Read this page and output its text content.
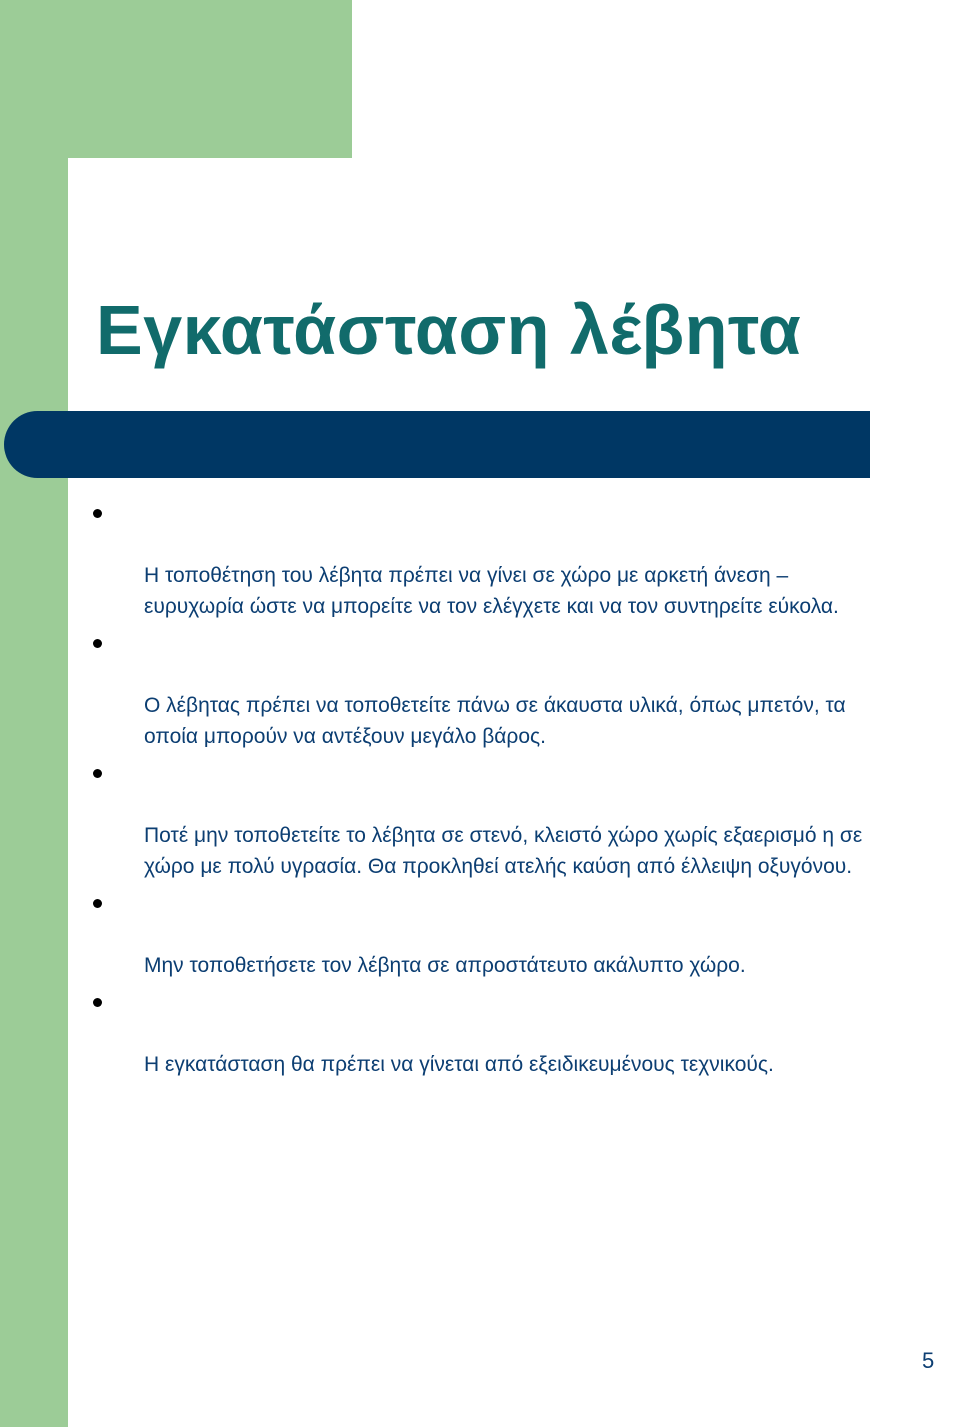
Εγκατάσταση λέβητα

Η τοποθέτηση του λέβητα πρέπει να γίνει σε χώρο με αρκετή άνεση –
ευρυχωρία ώστε να μπορείτε να τον ελέγχετε και να τον συντηρείτε εύκολα.

Ο λέβητας πρέπει να τοποθετείτε πάνω σε άκαυστα υλικά, όπως μπετόν, τα
οποία μπορούν να αντέξουν μεγάλο βάρος.

Ποτέ μην τοποθετείτε το λέβητα σε στενό, κλειστό χώρο χωρίς εξαερισμό η σε
χώρο με πολύ υγρασία. Θα προκληθεί ατελής καύση από έλλειψη οξυγόνου.

Μην τοποθετήσετε τον λέβητα σε απροστάτευτο ακάλυπτο χώρο.

Η εγκατάσταση θα πρέπει να γίνεται από εξειδικευμένους τεχνικούς.

5
